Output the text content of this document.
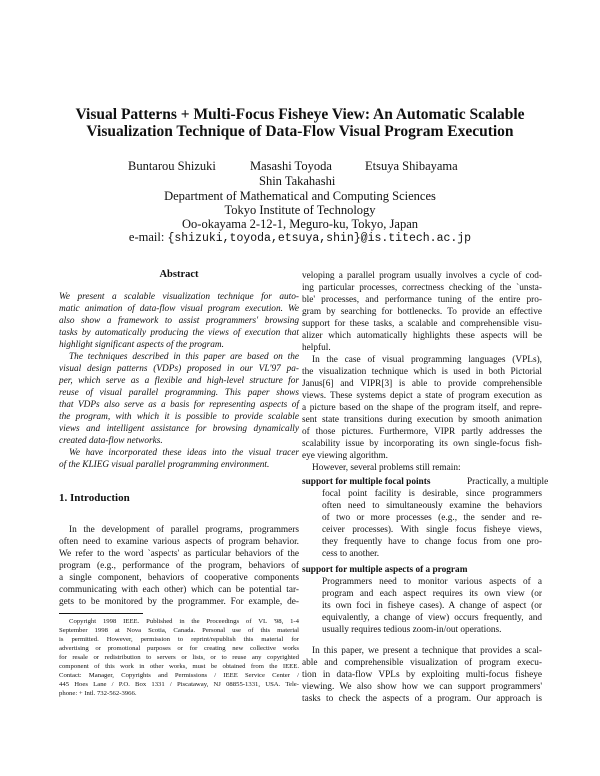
Visual Patterns + Multi-Focus Fisheye View: An Automatic Scalable
Visualization Technique of Data-Flow Visual Program Execution
Buntarou Shizuki	Masashi Toyoda	Etsuya Shibayama
Shin Takahashi
Department of Mathematical and Computing Sciences
Tokyo Institute of Technology
Oo-okayama 2-12-1, Meguro-ku, Tokyo, Japan
e-mail: {shizuki,toyoda,etsuya,shin}@is.titech.ac.jp
Abstract
We present a scalable visualization technique for auto-
matic animation of data-flow visual program execution. We
also show a framework to assist programmers' browsing
tasks by automatically producing the views of execution that
highlight significant aspects of the program.
The techniques described in this paper are based on the
visual design patterns (VDPs) proposed in our VL'97 pa-
per, which serve as a flexible and high-level structure for
reuse of visual parallel programming. This paper shows
that VDPs also serve as a basis for representing aspects of
the program, with which it is possible to provide scalable
views and intelligent assistance for browsing dynamically
created data-flow networks.
We have incorporated these ideas into the visual tracer
of the KLIEG visual parallel programming environment.
1. Introduction
In the development of parallel programs, programmers
often need to examine various aspects of program behavior.
We refer to the word `aspects' as particular behaviors of the
program (e.g., performance of the program, behaviors of
a single component, behaviors of cooperative components
communicating with each other) which can be potential tar-
gets to be monitored by the programmer. For example, de-
Copyright 1998 IEEE. Published in the Proceedings of VL '98, 1-4
September 1998 at Nova Scotia, Canada. Personal use of this material
is permitted. However, permission to reprint/republish this material for
advertising or promotional purposes or for creating new collective works
for resale or redistribution to servers or lists, or to reuse any copyrighted
component of this work in other works, must be obtained from the IEEE.
Contact: Manager, Copyrights and Permissions / IEEE Service Center /
445 Hoes Lane / P.O. Box 1331 / Piscataway, NJ 08855-1331, USA. Tele-
phone: + Intl. 732-562-3966.
veloping a parallel program usually involves a cycle of cod-
ing particular processes, correctness checking of the `unsta-
ble' processes, and performance tuning of the entire pro-
gram by searching for bottlenecks. To provide an effective
support for these tasks, a scalable and comprehensible visu-
alizer which automatically highlights these aspects will be
helpful.
In the case of visual programming languages (VPLs),
the visualization technique which is used in both Pictorial
Janus[6] and VIPR[3] is able to provide comprehensible
views. These systems depict a state of program execution as
a picture based on the shape of the program itself, and repre-
sent state transitions during execution by smooth animation
of those pictures. Furthermore, VIPR partly addresses the
scalability issue by incorporating its own single-focus fish-
eye viewing algorithm.
However, several problems still remain:
support for multiple focal points	Practically, a multiple
focal point facility is desirable, since programmers
often need to simultaneously examine the behaviors
of two or more processes (e.g., the sender and re-
ceiver processes). With single focus fisheye views,
they frequently have to change focus from one pro-
cess to another.
support for multiple aspects of a program
Programmers need to monitor various aspects of a
program and each aspect requires its own view (or
its own foci in fisheye cases). A change of aspect (or
equivalently, a change of view) occurs frequently, and
usually requires tedious zoom-in/out operations.
In this paper, we present a technique that provides a scal-
able and comprehensible visualization of program execu-
tion in data-flow VPLs by exploiting multi-focus fisheye
viewing. We also show how we can support programmers'
tasks to check the aspects of a program. Our approach is
